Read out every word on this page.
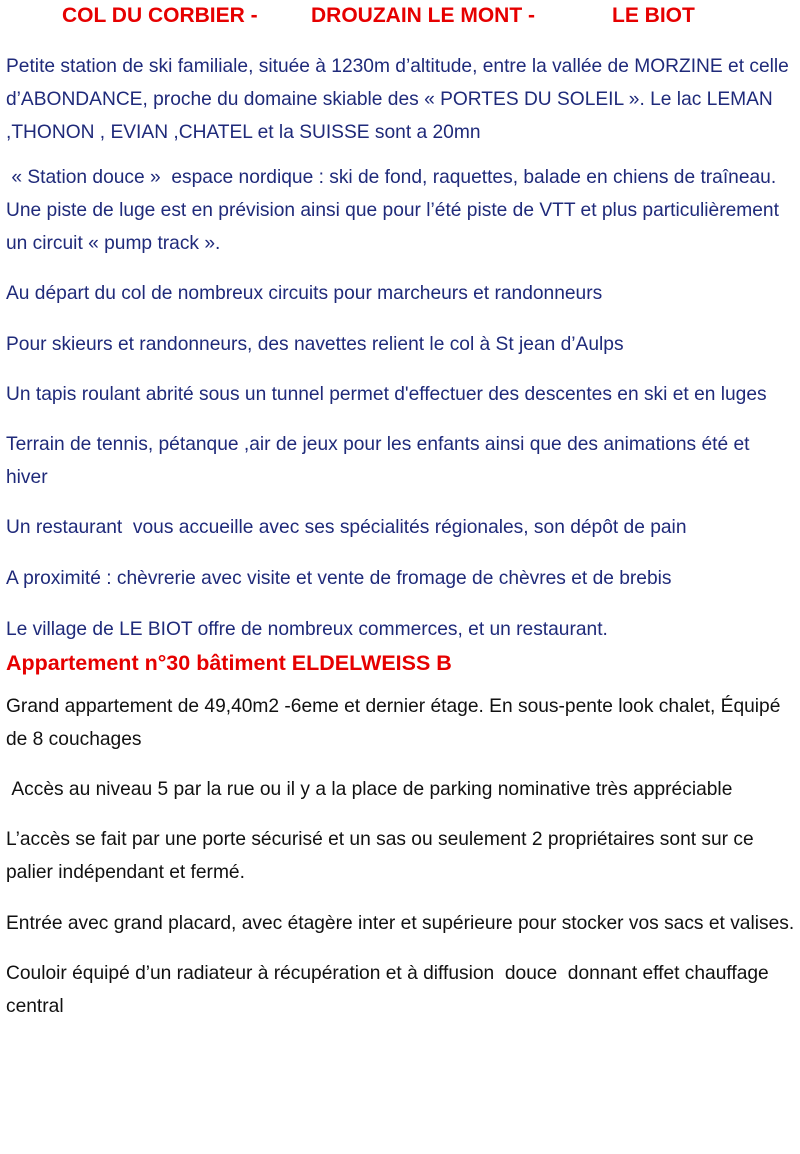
COL DU CORBIER -	DROUZAIN LE MONT -	LE BIOT

Petite station de ski familiale, située à 1230m d’altitude, entre la vallée de MORZINE et celle d’ABONDANCE, proche du domaine skiable des « PORTES DU SOLEIL ». Le lac LEMAN ,THONON , EVIAN ,CHATEL et la SUISSE sont a 20mn

« Station douce »  espace nordique : ski de fond, raquettes, balade en chiens de traîneau. Une piste de luge est en prévision ainsi que pour l’été piste de VTT et plus particulièrement un circuit « pump track ».

Au départ du col de nombreux circuits pour marcheurs et randonneurs

Pour skieurs et randonneurs, des navettes relient le col à St jean d’Aulps

Un tapis roulant abrité sous un tunnel permet d'effectuer des descentes en ski et en luges

Terrain de tennis, pétanque ,air de jeux pour les enfants ainsi que des animations été et hiver

Un restaurant  vous accueille avec ses spécialités régionales, son dépôt de pain

A proximité : chèvrerie avec visite et vente de fromage de chèvres et de brebis

Le village de LE BIOT offre de nombreux commerces, et un restaurant.

Appartement n°30 bâtiment ELDELWEISS B

Grand appartement de 49,40m2 -6eme et dernier étage. En sous-pente look chalet, Équipé de 8 couchages

Accès au niveau 5 par la rue ou il y a la place de parking nominative très appréciable

L’accès se fait par une porte sécurisé et un sas ou seulement 2 propriétaires sont sur ce palier indépendant et fermé.

Entrée avec grand placard, avec étagère inter et supérieure pour stocker vos sacs et valises.

Couloir équipé d’un radiateur à récupération et à diffusion  douce  donnant effet chauffage central
